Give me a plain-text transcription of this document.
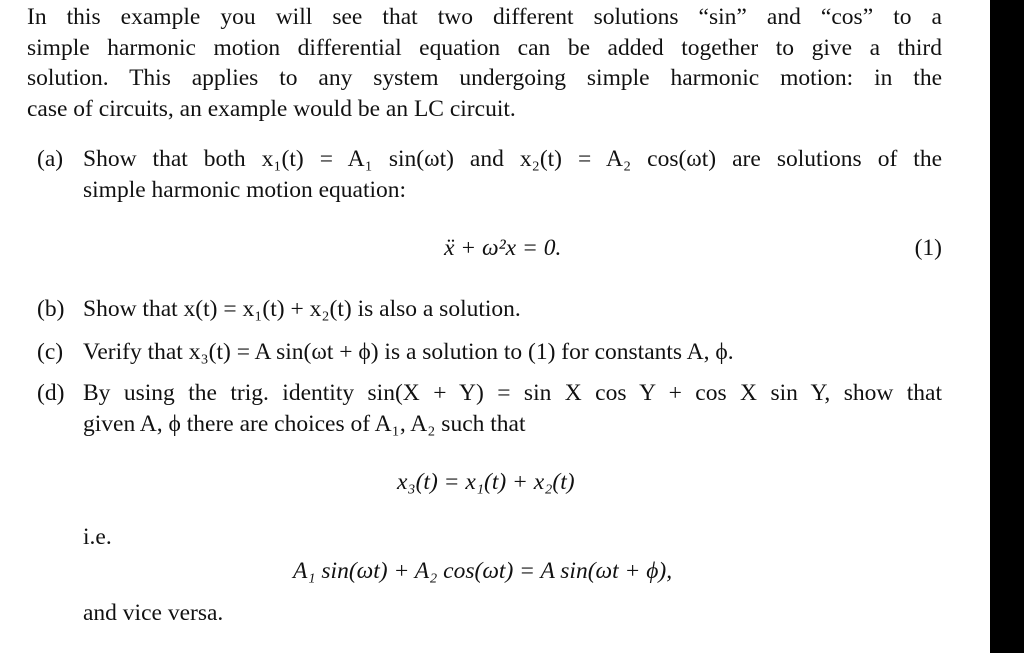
In this example you will see that two different solutions “sin” and “cos” to a
simple harmonic motion differential equation can be added together to give a third
solution. This applies to any system undergoing simple harmonic motion: in the
case of circuits, an example would be an LC circuit.
(a) Show that both x₁(t) = A₁ sin(ωt) and x₂(t) = A₂ cos(ωt) are solutions of the
simple harmonic motion equation:
ẍ + ω²x = 0.	(1)
(b) Show that x(t) = x₁(t) + x₂(t) is also a solution.
(c) Verify that x₃(t) = A sin(ωt + ϕ) is a solution to (1) for constants A, ϕ.
(d) By using the trig. identity sin(X + Y) = sin X cos Y + cos X sin Y, show that
given A, ϕ there are choices of A₁, A₂ such that
x₃(t) = x₁(t) + x₂(t)
i.e.
A₁ sin(ωt) + A₂ cos(ωt) = A sin(ωt + ϕ),
and vice versa.
